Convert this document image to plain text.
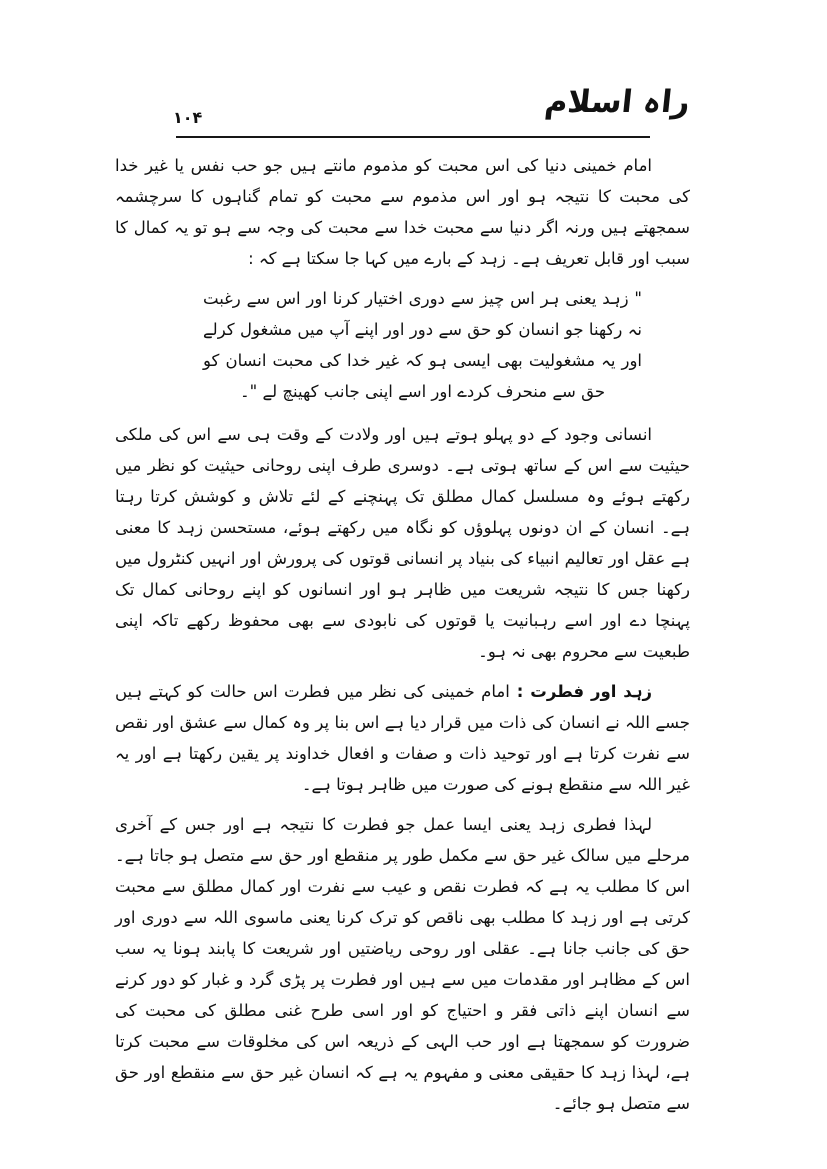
۱۰۴	راہ اسلام

امام خمینی دنیا کی اس محبت کو مذموم مانتے ہیں جو حب نفس یا غیر خدا کی محبت کا نتیجہ ہو اور اس مذموم سے محبت کو تمام گناہوں کا سرچشمہ سمجھتے ہیں ورنہ اگر دنیا سے محبت خدا سے محبت کی وجہ سے ہو تو یہ کمال کا سبب اور قابل تعریف ہے۔ زہد کے بارے میں کہا جا سکتا ہے کہ :

" زہد یعنی ہر اس چیز سے دوری اختیار کرنا اور اس سے رغبت نہ رکھنا جو انسان کو حق سے دور اور اپنے آپ میں مشغول کرلے اور یہ مشغولیت بھی ایسی ہو کہ غیر خدا کی محبت انسان کو حق سے منحرف کردے اور اسے اپنی جانب کھینچ لے "۔

انسانی وجود کے دو پہلو ہوتے ہیں اور ولادت کے وقت ہی سے اس کی ملکی حیثیت سے اس کے ساتھ ہوتی ہے۔ دوسری طرف اپنی روحانی حیثیت کو نظر میں رکھتے ہوئے وہ مسلسل کمال مطلق تک پہنچنے کے لئے تلاش و کوشش کرتا رہتا ہے۔ انسان کے ان دونوں پہلوؤں کو نگاہ میں رکھتے ہوئے، مستحسن زہد کا معنی ہے عقل اور تعالیم انبیاء کی بنیاد پر انسانی قوتوں کی پرورش اور انہیں کنٹرول میں رکھنا جس کا نتیجہ شریعت میں ظاہر ہو اور انسانوں کو اپنے روحانی کمال تک پہنچا دے اور اسے رہبانیت یا قوتوں کی نابودی سے بھی محفوظ رکھے تاکہ اپنی طبعیت سے محروم بھی نہ ہو۔

زہد اور فطرت : امام خمینی کی نظر میں فطرت اس حالت کو کہتے ہیں جسے اللہ نے انسان کی ذات میں قرار دیا ہے اس بنا پر وہ کمال سے عشق اور نقص سے نفرت کرتا ہے اور توحید ذات و صفات و افعال خداوند پر یقین رکھتا ہے اور یہ غیر اللہ سے منقطع ہونے کی صورت میں ظاہر ہوتا ہے۔

لہذا فطری زہد یعنی ایسا عمل جو فطرت کا نتیجہ ہے اور جس کے آخری مرحلے میں سالک غیر حق سے مکمل طور پر منقطع اور حق سے متصل ہو جاتا ہے۔ اس کا مطلب یہ ہے کہ فطرت نقص و عیب سے نفرت اور کمال مطلق سے محبت کرتی ہے اور زہد کا مطلب بھی ناقص کو ترک کرنا یعنی ماسوی اللہ سے دوری اور حق کی جانب جانا ہے۔ عقلی اور روحی ریاضتیں اور شریعت کا پابند ہونا یہ سب اس کے مظاہر اور مقدمات میں سے ہیں اور فطرت پر پڑی گرد و غبار کو دور کرنے سے انسان اپنے ذاتی فقر و احتیاج کو اور اسی طرح غنی مطلق کی محبت کی ضرورت کو سمجھتا ہے اور حب الہی کے ذریعہ اس کی مخلوقات سے محبت کرتا ہے، لہذا زہد کا حقیقی معنی و مفہوم یہ ہے کہ انسان غیر حق سے منقطع اور حق سے متصل ہو جائے۔
